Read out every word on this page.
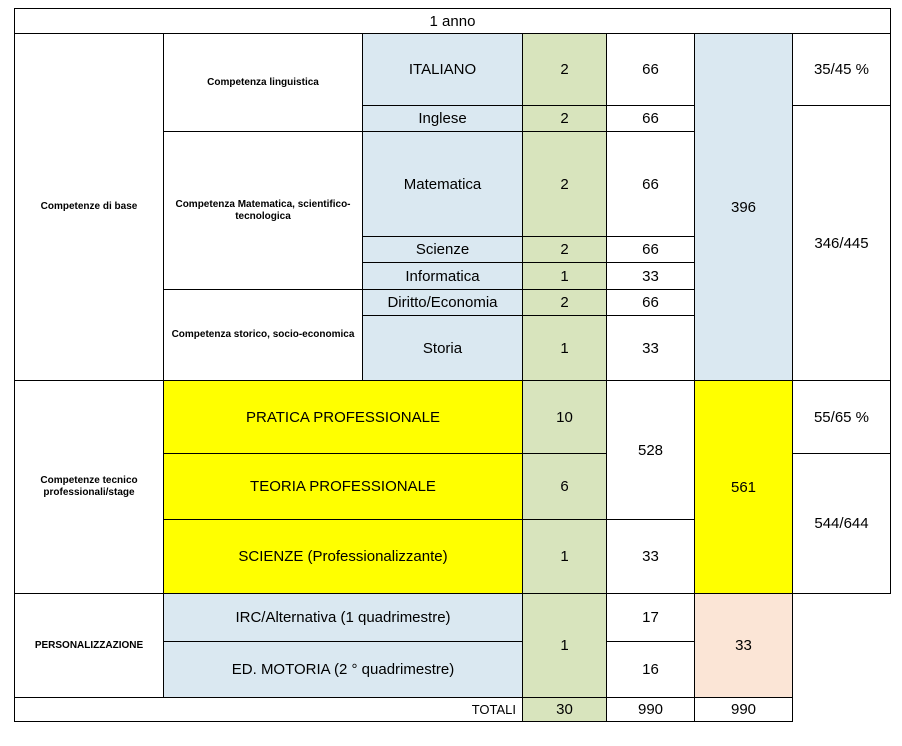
1 anno						
Competenze di base	Competenza linguistica	ITALIANO	2	66	396	35/45 %
		Inglese	2	66		346/445
	Competenza Matematica, scientifico-tecnologica	Matematica	2	66		
		Scienze	2	66		
		Informatica	1	33		
	Competenza storico, socio-economica	Diritto/Economia	2	66		
		Storia	1	33		

Competenze tecnico professionali/stage	PRATICA PROFESSIONALE		10	528	561	55/65 %
	TEORIA PROFESSIONALE		6			544/644
	SCIENZE (Professionalizzante)		1	33		
PERSONALIZZAZIONE	IRC/Alternativa (1 quadrimestre)		1	17	33	
	ED. MOTORIA (2 ° quadrimestre)			16		
TOTALI			30	990	990	
